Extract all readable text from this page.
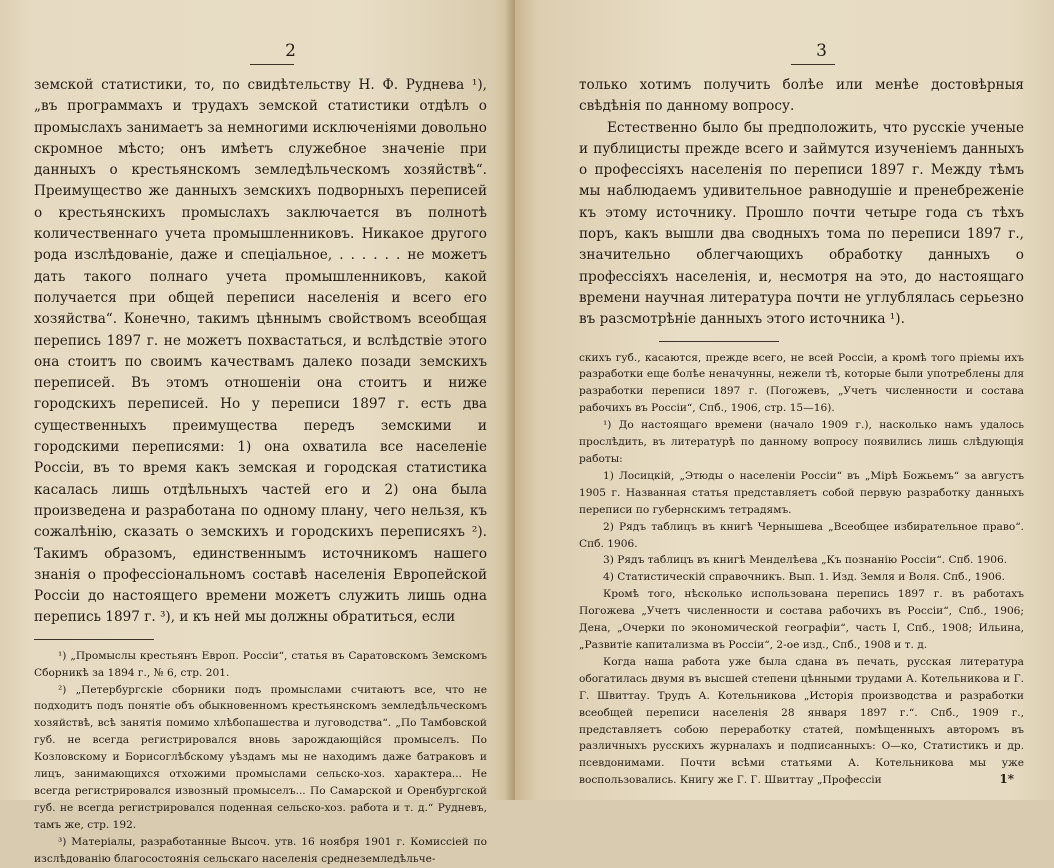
2

земской статистики, то, по свидѣтельству Н. Ф. Руднева ¹), „въ программахъ и трудахъ земской статистики отдѣлъ о промыслахъ занимаетъ за немногими исключеніями довольно скромное мѣсто; онъ имѣетъ служебное значеніе при данныхъ о крестьянскомъ земледѣльческомъ хозяйствѣ“. Преимущество же данныхъ земскихъ подворныхъ переписей о крестьянскихъ промыслахъ заключается въ полнотѣ количественнаго учета промышленниковъ. Никакое другого рода изслѣдованіе, даже и спеціальное, . . . . . . не можетъ дать такого полнаго учета промышленниковъ, какой получается при общей переписи населенія и всего его хозяйства“. Конечно, такимъ цѣннымъ свойствомъ всеобщая перепись 1897 г. не можетъ похвастаться, и вслѣдствіе этого она стоитъ по своимъ качествамъ далеко позади земскихъ переписей. Въ этомъ отношеніи она стоитъ и ниже городскихъ переписей. Но у переписи 1897 г. есть два существенныхъ преимущества передъ земскими и городскими переписями: 1) она охватила все населеніе Россіи, въ то время какъ земская и городская статистика касалась лишь отдѣльныхъ частей его и 2) она была произведена и разработана по одному плану, чего нельзя, къ сожалѣнію, сказать о земскихъ и городскихъ переписяхъ ²). Такимъ образомъ, единственнымъ источникомъ нашего знанія о профессіональномъ составѣ населенія Европейской Россіи до настоящего времени можетъ служить лишь одна перепись 1897 г. ³), и къ ней мы должны обратиться, если

¹) „Промыслы крестьянъ Европ. Россіи“, статья въ Саратовскомъ Земскомъ Сборникѣ за 1894 г., № 6, стр. 201.

²) „Петербургскіе сборники подъ промыслами считаютъ все, что не подходитъ подъ понятіе объ обыкновенномъ крестьянскомъ земледѣльческомъ хозяйствѣ, всѣ занятія помимо хлѣбопашества и луговодства“. „По Тамбовской губ. не всегда регистрировался вновь зарождающійся промыселъ. По Козловскому и Борисоглѣбскому уѣздамъ мы не находимъ даже батраковъ и лицъ, занимающихся отхожими промыслами сельско-хоз. характера... Не всегда регистрировался извозный промыселъ... По Самарской и Оренбургской губ. не всегда регистрировался поденная сельско-хоз. работа и т. д.“ Рудневъ, тамъ же, стр. 192.

³) Матеріалы, разработанные Высоч. утв. 16 ноября 1901 г. Комиссіей по изслѣдованію благосостоянія сельскаго населенія среднеземледѣльче-

3

только хотимъ получить болѣе или менѣе достовѣрныя свѣдѣнія по данному вопросу.

Естественно было бы предположить, что русскіе ученые и публицисты прежде всего и займутся изученіемъ данныхъ о профессіяхъ населенія по переписи 1897 г. Между тѣмъ мы наблюдаемъ удивительное равнодушіе и пренебреженіе къ этому источнику. Прошло почти четыре года съ тѣхъ поръ, какъ вышли два сводныхъ тома по переписи 1897 г., значительно облегчающихъ обработку данныхъ о профессіяхъ населенія, и, несмотря на это, до настоящаго времени научная литература почти не углублялась серьезно въ разсмотрѣніе данныхъ этого источника ¹).

скихъ губ., касаются, прежде всего, не всей Россіи, а кромѣ того пріемы ихъ разработки еще болѣе неначунны, нежели тѣ, которые были употреблены для разработки переписи 1897 г. (Погожевъ, „Учетъ численности и состава рабочихъ въ Россіи“, Спб., 1906, стр. 15—16).

¹) До настоящаго времени (начало 1909 г.), насколько намъ удалось прослѣдить, въ литературѣ по данному вопросу появились лишь слѣдующія работы:

1) Лосицкій, „Этюды о населеніи Россіи“ въ „Мірѣ Божьемъ“ за августъ 1905 г. Названная статья представляетъ собой первую разработку данныхъ переписи по губернскимъ тетрадямъ.

2) Рядъ таблицъ въ книгѣ Чернышева „Всеобщее избирательное право“. Спб. 1906.

3) Рядъ таблицъ въ книгѣ Менделѣева „Къ познанію Россіи“. Спб. 1906.

4) Статистическій справочникъ. Вып. 1. Изд. Земля и Воля. Спб., 1906.

Кромѣ того, нѣсколько использована перепись 1897 г. въ работахъ Погожева „Учетъ численности и состава рабочихъ въ Россіи“, Спб., 1906; Дена, „Очерки по экономической географіи“, часть I, Спб., 1908; Ильина, „Развитіе капитализма въ Россіи“, 2-ое изд., Спб., 1908 и т. д.

Когда наша работа уже была сдана въ печать, русская литература обогатилась двумя въ высшей степени цѣнными трудами А. Котельникова и Г. Г. Швиттау. Трудъ А. Котельникова „Исторія производства и разработки всеобщей переписи населенія 28 января 1897 г.“. Спб., 1909 г., представляетъ собою переработку статей, помѣщенныхъ авторомъ въ различныхъ русскихъ журналахъ и подписанныхъ: О—ко, Статистикъ и др. псевдонимами. Почти всѣми статьями А. Котельникова мы уже воспользовались. Книгу же Г. Г. Швиттау „Профессіи	1*
